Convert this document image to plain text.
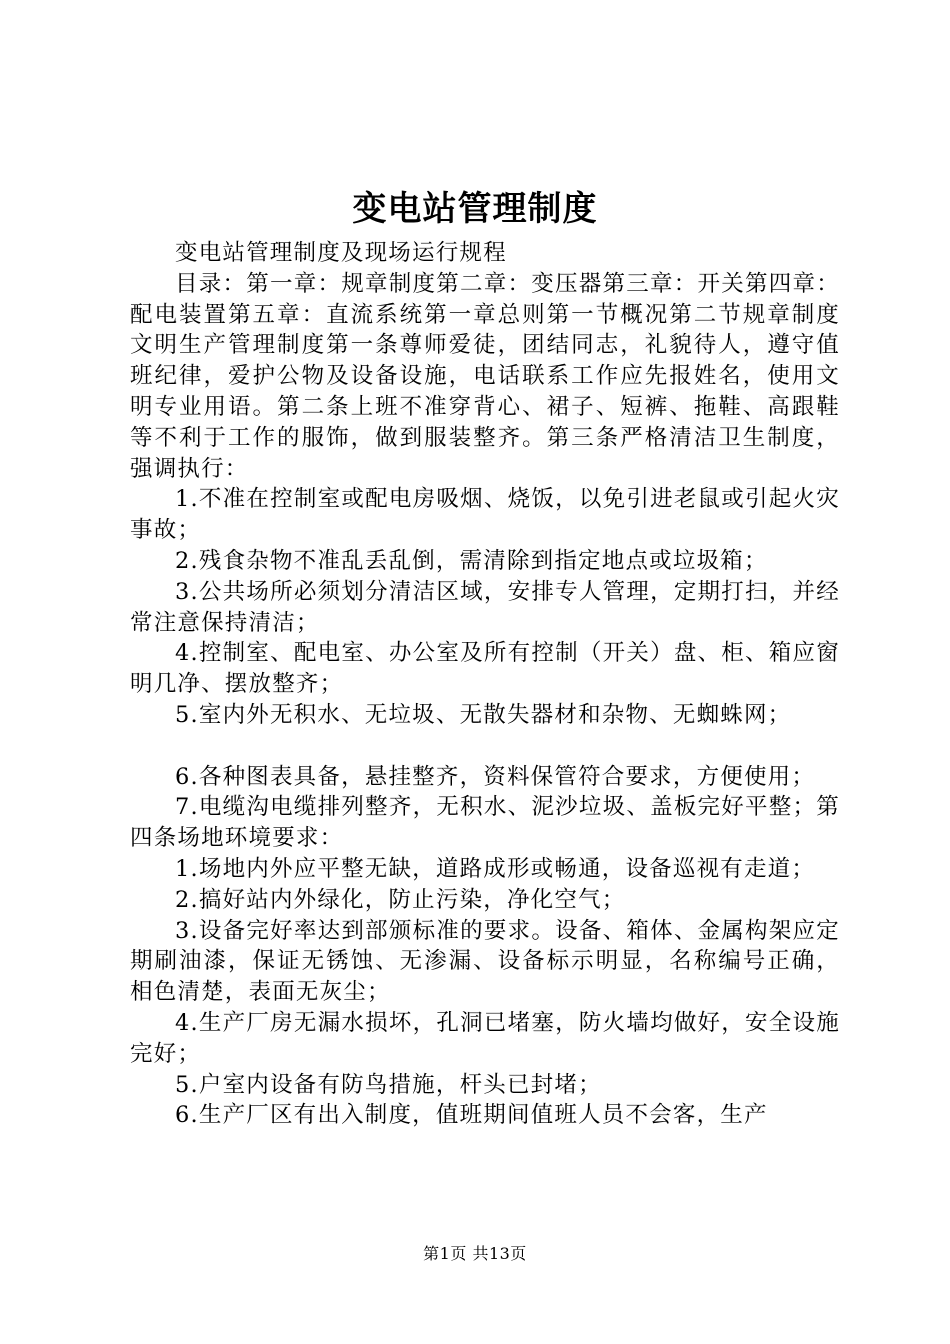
变电站管理制度

变电站管理制度及现场运行规程

目录：第一章：规章制度第二章：变压器第三章：开关第四章：配电装置第五章：直流系统第一章总则第一节概况第二节规章制度文明生产管理制度第一条尊师爱徒，团结同志，礼貌待人，遵守值班纪律，爱护公物及设备设施，电话联系工作应先报姓名，使用文明专业用语。第二条上班不准穿背心、裙子、短裤、拖鞋、高跟鞋等不利于工作的服饰，做到服装整齐。第三条严格清洁卫生制度，强调执行：

1.不准在控制室或配电房吸烟、烧饭，以免引进老鼠或引起火灾事故；

2.残食杂物不准乱丢乱倒，需清除到指定地点或垃圾箱；

3.公共场所必须划分清洁区域，安排专人管理，定期打扫，并经常注意保持清洁；

4.控制室、配电室、办公室及所有控制（开关）盘、柜、箱应窗明几净、摆放整齐；

5.室内外无积水、无垃圾、无散失器材和杂物、无蜘蛛网；

6.各种图表具备，悬挂整齐，资料保管符合要求，方便使用；

7.电缆沟电缆排列整齐，无积水、泥沙垃圾、盖板完好平整；第四条场地环境要求：

1.场地内外应平整无缺，道路成形或畅通，设备巡视有走道；

2.搞好站内外绿化，防止污染，净化空气；

3.设备完好率达到部颁标准的要求。设备、箱体、金属构架应定期刷油漆，保证无锈蚀、无渗漏、设备标示明显，名称编号正确，相色清楚，表面无灰尘；

4.生产厂房无漏水损坏，孔洞已堵塞，防火墙均做好，安全设施完好；

5.户室内设备有防鸟措施，杆头已封堵；

6.生产厂区有出入制度，值班期间值班人员不会客，生产

第1页 共13页
